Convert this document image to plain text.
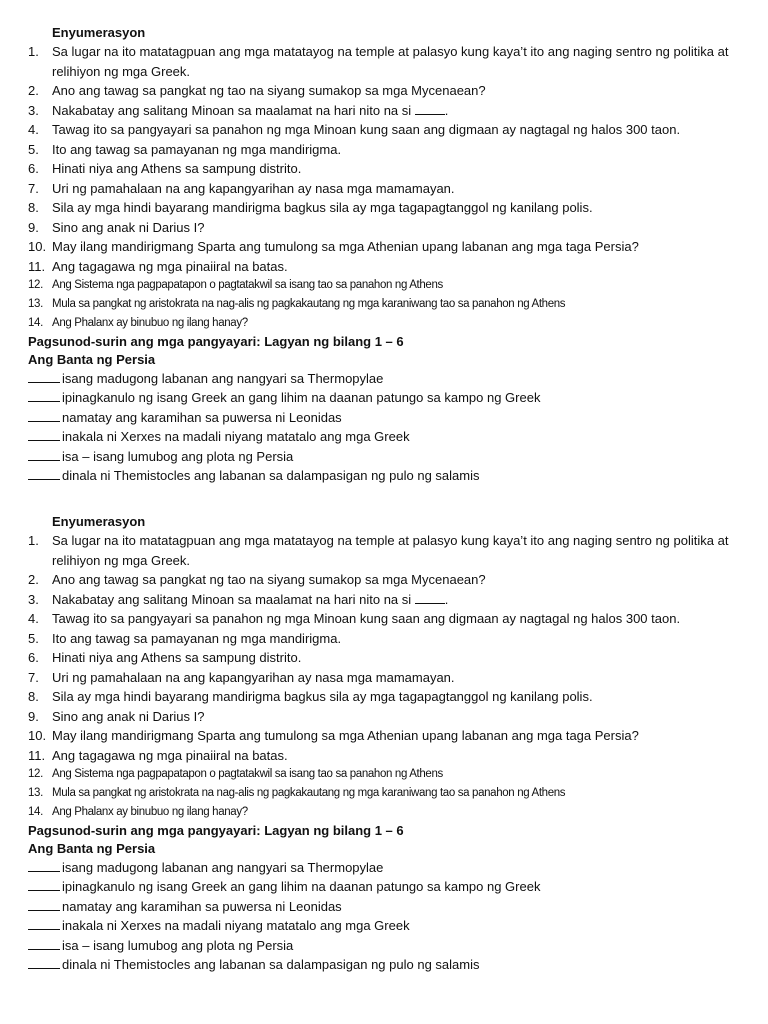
Enyumerasyon
1.	Sa lugar na ito matatagpuan ang mga matatayog na temple at palasyo kung kaya’t ito ang naging sentro ng politika at relihiyon ng mga Greek.
2.	Ano ang tawag sa pangkat ng tao na siyang sumakop sa mga Mycenaean?
3.	Nakabatay ang salitang Minoan sa maalamat na hari nito na si	.
4.	Tawag ito sa pangyayari sa panahon ng mga Minoan kung saan ang digmaan ay nagtagal ng halos 300 taon.
5.	Ito ang tawag sa pamayanan ng mga mandirigma.
6.	Hinati niya ang Athens sa sampung distrito.
7.	Uri ng pamahalaan na ang kapangyarihan ay nasa mga mamamayan.
8.	Sila ay mga hindi bayarang mandirigma bagkus sila ay mga tagapagtanggol ng kanilang polis.
9.	Sino ang anak ni Darius I?
10. May ilang mandirigmang Sparta ang tumulong sa mga Athenian upang labanan ang mga taga Persia?
11. Ang tagagawa ng mga pinaiiral na batas.
12. Ang Sistema nga pagpapatapon o pagtatakwil sa isang tao sa panahon ng Athens
13. Mula sa pangkat ng aristokrata na nag-alis ng pagkakautang ng mga karaniwang tao sa panahon ng Athens
14. Ang Phalanx ay binubuo ng ilang hanay?
Pagsunod-surin ang mga pangyayari: Lagyan ng bilang 1 – 6
Ang Banta ng Persia
isang madugong labanan ang nangyari sa Thermopylae
ipinagkanulo ng isang Greek an gang lihim na daanan patungo sa kampo ng Greek
namatay ang karamihan sa puwersa ni Leonidas
inakala ni Xerxes na madali niyang matatalo ang mga Greek
isa – isang lumubog ang plota ng Persia
dinala ni Themistocles ang labanan sa dalampasigan ng pulo ng salamis
Enyumerasyon
1.	Sa lugar na ito matatagpuan ang mga matatayog na temple at palasyo kung kaya’t ito ang naging sentro ng politika at relihiyon ng mga Greek.
2.	Ano ang tawag sa pangkat ng tao na siyang sumakop sa mga Mycenaean?
3.	Nakabatay ang salitang Minoan sa maalamat na hari nito na si	.
4.	Tawag ito sa pangyayari sa panahon ng mga Minoan kung saan ang digmaan ay nagtagal ng halos 300 taon.
5.	Ito ang tawag sa pamayanan ng mga mandirigma.
6.	Hinati niya ang Athens sa sampung distrito.
7.	Uri ng pamahalaan na ang kapangyarihan ay nasa mga mamamayan.
8.	Sila ay mga hindi bayarang mandirigma bagkus sila ay mga tagapagtanggol ng kanilang polis.
9.	Sino ang anak ni Darius I?
10. May ilang mandirigmang Sparta ang tumulong sa mga Athenian upang labanan ang mga taga Persia?
11. Ang tagagawa ng mga pinaiiral na batas.
12. Ang Sistema nga pagpapatapon o pagtatakwil sa isang tao sa panahon ng Athens
13. Mula sa pangkat ng aristokrata na nag-alis ng pagkakautang ng mga karaniwang tao sa panahon ng Athens
14. Ang Phalanx ay binubuo ng ilang hanay?
Pagsunod-surin ang mga pangyayari: Lagyan ng bilang 1 – 6
Ang Banta ng Persia
isang madugong labanan ang nangyari sa Thermopylae
ipinagkanulo ng isang Greek an gang lihim na daanan patungo sa kampo ng Greek
namatay ang karamihan sa puwersa ni Leonidas
inakala ni Xerxes na madali niyang matatalo ang mga Greek
isa – isang lumubog ang plota ng Persia
dinala ni Themistocles ang labanan sa dalampasigan ng pulo ng salamis
